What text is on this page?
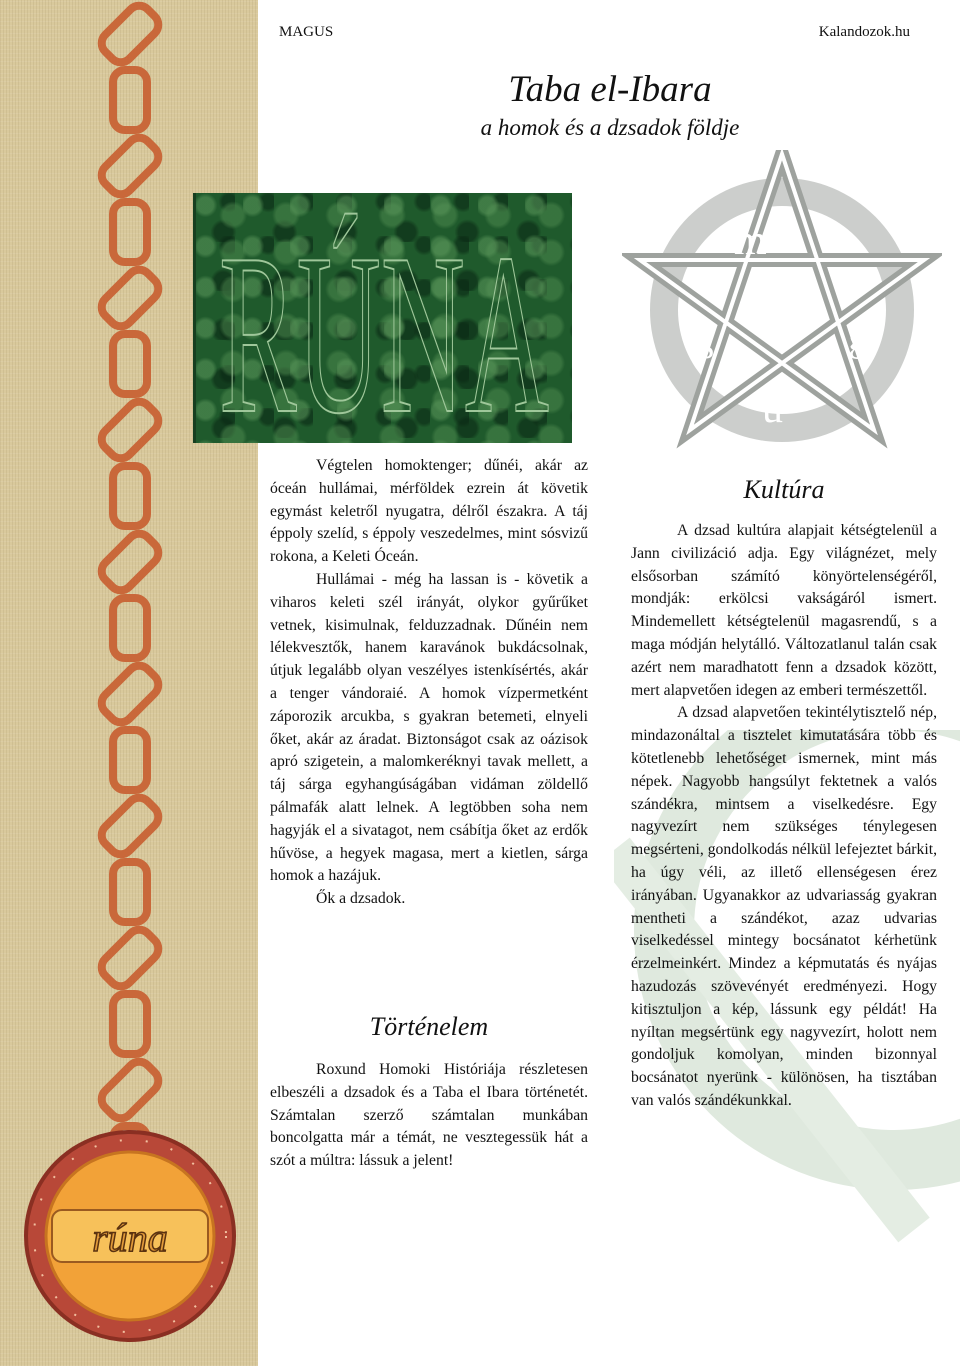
RÚNA
rúna
m a
g
u
s
MAGUS	Kalandozok.hu
Taba el-Ibara
a homok és a dzsadok földje

Végtelen homoktenger; dűnéi, akár az óceán hullámai, mérföldek ezrein át követik egymást keletről nyugatra, délről északra. A táj éppoly szelíd, s éppoly veszedelmes, mint sósvizű rokona, a Keleti Óceán.

Hullámai - még ha lassan is - követik a viharos keleti szél irányát, olykor gyűrűket vetnek, kisimulnak, felduzzadnak. Dűnéin nem lélekvesztők, hanem karavánok bukdácsolnak, útjuk legalább olyan veszélyes istenkísértés, akár a tenger vándoraié. A homok vízpermetként záporozik arcukba, s gyakran betemeti, elnyeli őket, akár az áradat. Biztonságot csak az oázisok apró szigetein, a malomkeréknyi tavak mellett, a táj sárga egyhangúságában vidáman zöldellő pálmafák alatt lelnek. A legtöbben soha nem hagyják el a sivatagot, nem csábítja őket az erdők hűvöse, a hegyek magasa, mert a kietlen, sárga homok a hazájuk.

Ők a dzsadok.

Történelem

Roxund Homoki Históriája részletesen elbeszéli a dzsadok és a Taba el Ibara történetét. Számtalan szerző számtalan munkában boncolgatta már a témát, ne vesztegessük hát a szót a múltra: lássuk a jelent!

Kultúra

A dzsad kultúra alapjait kétségtelenül a Jann civilizáció adja. Egy világnézet, mely elsősorban számító könyörtelenségéről, mondják: erkölcsi vakságáról ismert. Mindemellett kétségtelenül magasrendű, s a maga módján helytálló. Változatlanul talán csak azért nem maradhatott fenn a dzsadok között, mert alapvetően idegen az emberi természettől.

A dzsad alapvetően tekintélytisztelő nép, mindazonáltal a tisztelet kimutatására több és kötetlenebb lehetőséget ismernek, mint más népek. Nagyobb hangsúlyt fektetnek a valós szándékra, mintsem a viselkedésre. Egy nagyvezírt nem szükséges ténylegesen megsérteni, gondolkodás nélkül lefejeztet bárkit, ha úgy véli, az illető ellenségesen érez irányában. Ugyanakkor az udvariasság gyakran mentheti a szándékot, azaz udvarias viselkedéssel mintegy bocsánatot kérhetünk érzelmeinkért. Mindez a képmutatás és nyájas hazudozás szövevényét eredményezi. Hogy kitisztuljon a kép, lássunk egy példát! Ha nyíltan megsértünk egy nagyvezírt, holott nem gondoljuk komolyan, minden bizonnyal bocsánatot nyerünk - különösen, ha tisztában van valós szándékunkkal.
